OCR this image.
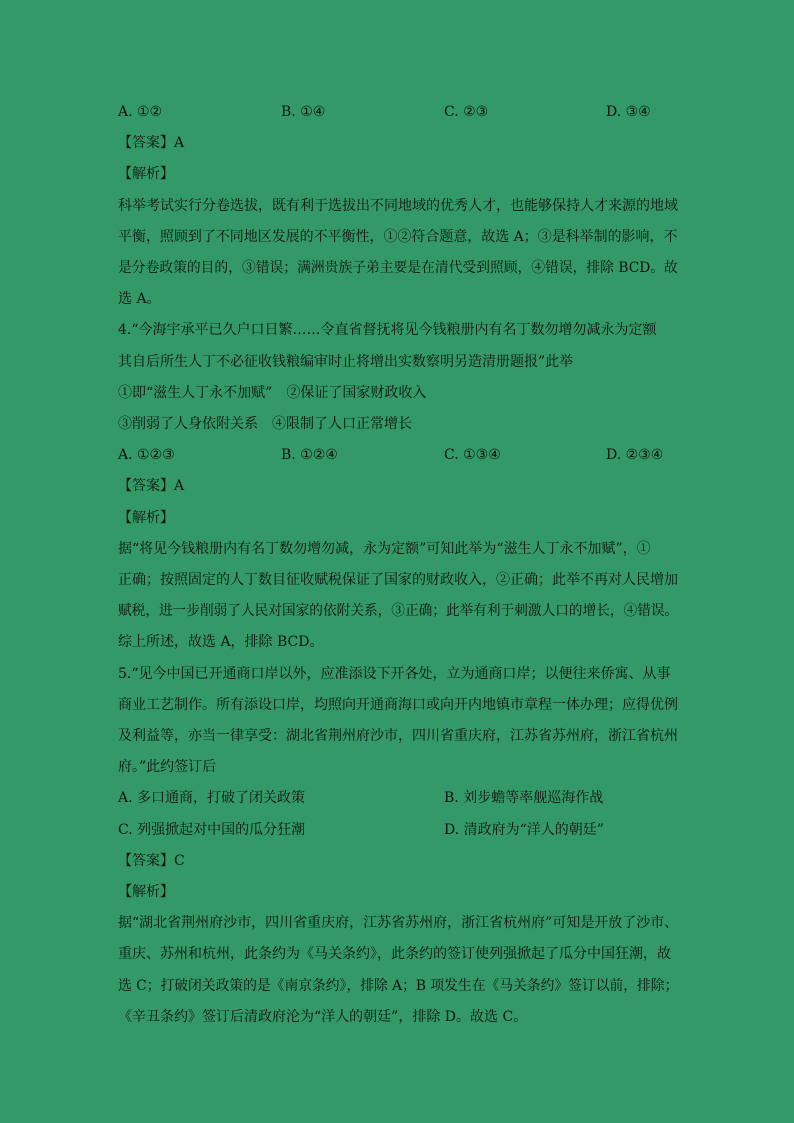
A. ①②	B. ①④	C. ②③	D. ③④
【答案】A
【解析】
科举考试实行分卷选拔，既有利于选拔出不同地域的优秀人才，也能够保持人才来源的地域
平衡，照顾到了不同地区发展的不平衡性，①②符合题意，故选 A；③是科举制的影响，不
是分卷政策的目的，③错误；满洲贵族子弟主要是在清代受到照顾，④错误，排除 BCD。故
选 A。
4.“今海宇承平已久户口日繁……令直省督抚将见今钱粮册内有名丁数勿增勿减永为定额
其自后所生人丁不必征收钱粮编审时止将增出实数察明另造清册题报”此举
①即“滋生人丁永不加赋”　②保证了国家财政收入
③削弱了人身依附关系　④限制了人口正常增长
A. ①②③	B. ①②④	C. ①③④	D. ②③④
【答案】A
【解析】
据“将见今钱粮册内有名丁数勿增勿减，永为定额”可知此举为“滋生人丁永不加赋”，①
正确；按照固定的人丁数目征收赋税保证了国家的财政收入，②正确；此举不再对人民增加
赋税，进一步削弱了人民对国家的依附关系，③正确；此举有利于刺激人口的增长，④错误。
综上所述，故选 A，排除 BCD。
5.“见今中国已开通商口岸以外，应准添设下开各处，立为通商口岸；以便往来侨寓、从事
商业工艺制作。所有添设口岸，均照向开通商海口或向开内地镇市章程一体办理；应得优例
及利益等，亦当一律享受：湖北省荆州府沙市，四川省重庆府，江苏省苏州府，浙江省杭州
府。”此约签订后
A. 多口通商，打破了闭关政策	B. 刘步蟾等率舰巡海作战
C. 列强掀起对中国的瓜分狂潮	D. 清政府为“洋人的朝廷”
【答案】C
【解析】
据“湖北省荆州府沙市，四川省重庆府，江苏省苏州府，浙江省杭州府”可知是开放了沙市、
重庆、苏州和杭州，此条约为《马关条约》，此条约的签订使列强掀起了瓜分中国狂潮，故
选 C；打破闭关政策的是《南京条约》，排除 A；B 项发生在《马关条约》签订以前，排除；
《辛丑条约》签订后清政府沦为“洋人的朝廷”，排除 D。故选 C。
